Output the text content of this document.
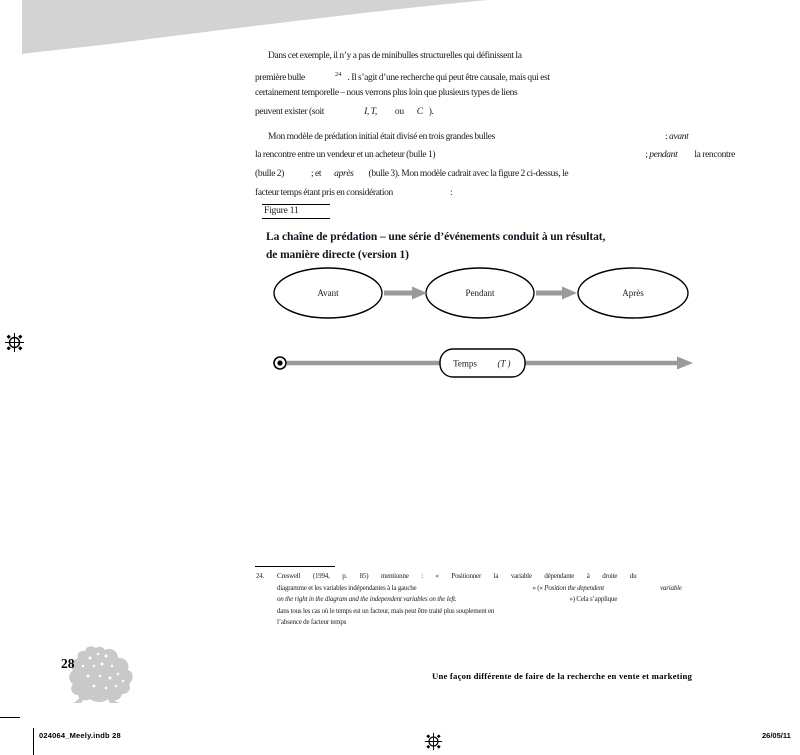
Dans cet exemple, il n’y a pas de minibulles structurelles qui définissent la
première bulle	$^{24}$ . Il s’agit d’une recherche qui peut être causale, mais qui est
certainement temporelle – nous verrons plus loin que plusieurs types de liens
peuvent exister (soit	I, T, ou C ).
Mon modèle de prédation initial était divisé en trois grandes bulles	: avant
la rencontre entre un vendeur et un acheteur (bulle 1)	; pendant la rencontre
(bulle 2)	; et après (bulle 3). Mon modèle cadrait avec la figure 2 ci-dessus, le
facteur temps étant pris en considération	:
Figure 11
La chaîne de prédation – une série d’événements conduit à un résultat,
de manière directe (version 1)
Avant	Pendant	Après
Temps (T )
24. Creswell (1994, p. 85) mentionne : « Positionner la variable dépendante à droite du
diagramme et les variables indépendantes à la gauche	» (« Position the dependent	variable
on the right in the diagram and the independent variables on the left.	») Cela s’applique
dans tous les cas où le temps est un facteur, mais peut être traité plus souplement en
l’absence de facteur temps
28
Une façon différente de faire de la recherche en vente et marketing
024064_Meely.indb 28	26/05/11
